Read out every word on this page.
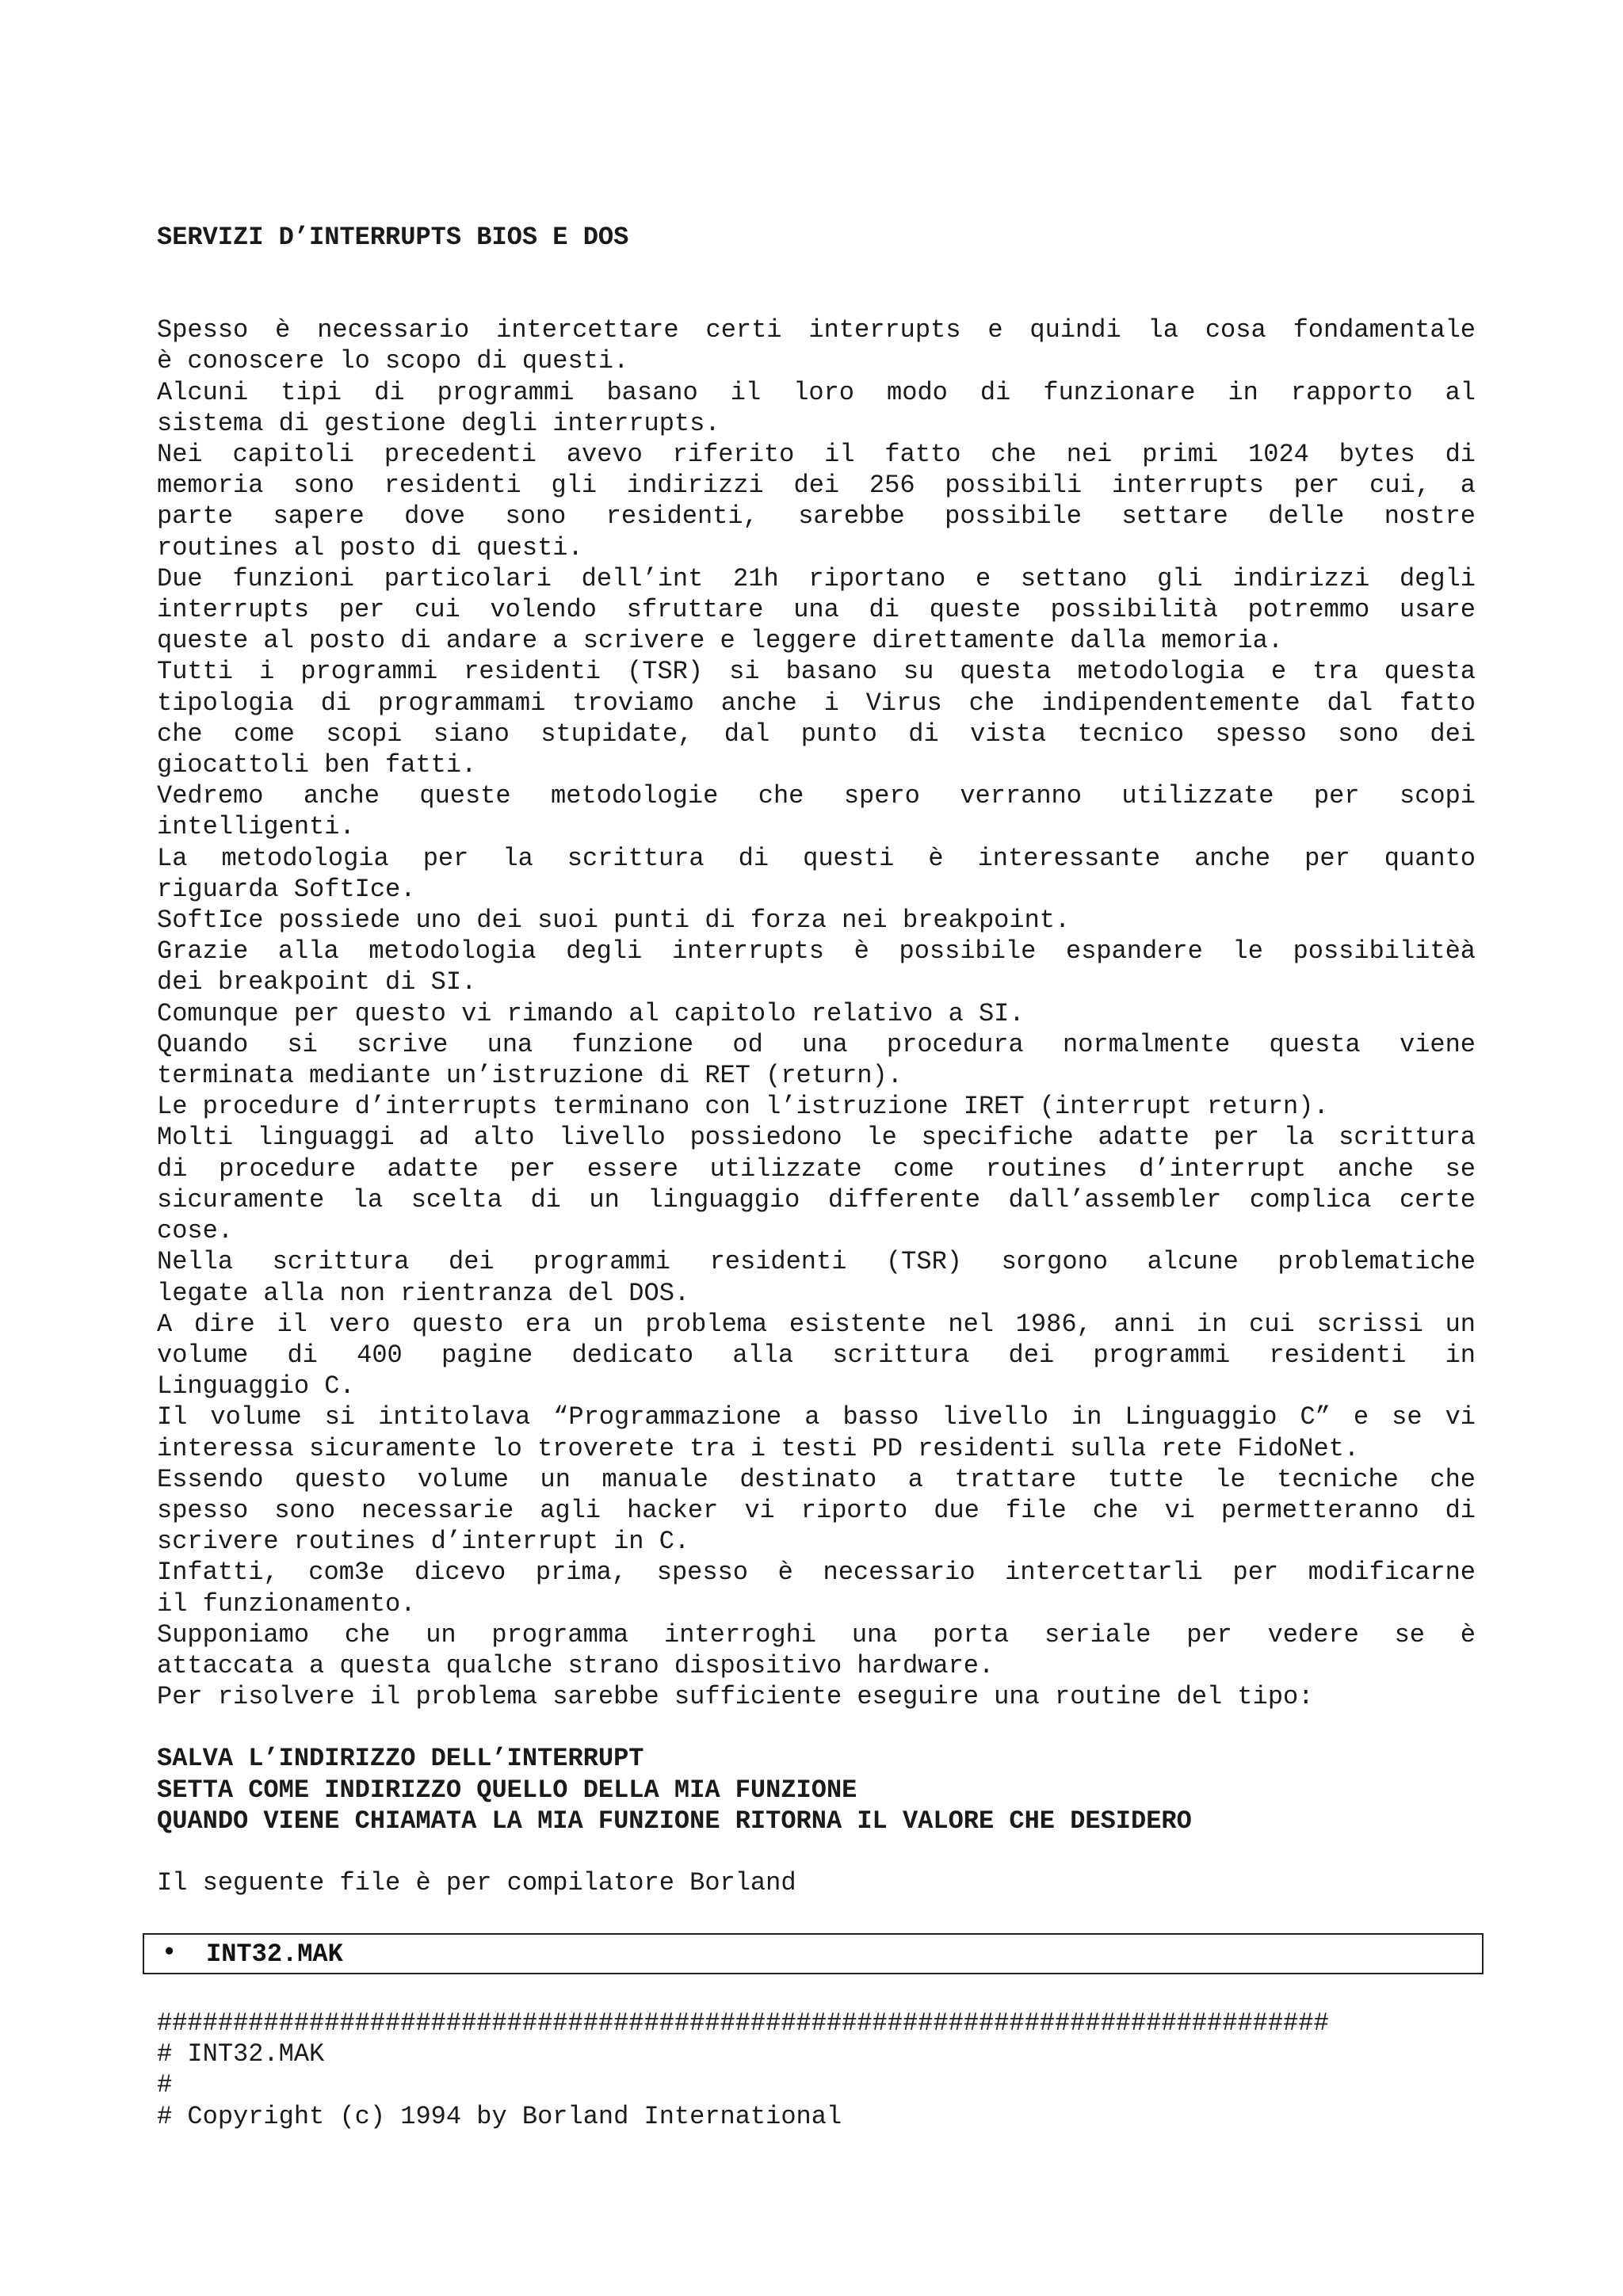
SERVIZI D’INTERRUPTS BIOS E DOS
Spesso è necessario intercettare certi interrupts e quindi la cosa fondamentale
è conoscere lo scopo di questi.
Alcuni tipi di programmi basano il loro modo di funzionare in rapporto al
sistema di gestione degli interrupts.
Nei capitoli precedenti avevo riferito il fatto che nei primi 1024 bytes di
memoria sono residenti gli indirizzi dei 256 possibili interrupts per cui, a
parte sapere dove sono residenti, sarebbe possibile settare delle nostre
routines al posto di questi.
Due funzioni particolari dell’int 21h riportano e settano gli indirizzi degli
interrupts per cui volendo sfruttare una di queste possibilità potremmo usare
queste al posto di andare a scrivere e leggere direttamente dalla memoria.
Tutti i programmi residenti (TSR) si basano su questa metodologia e tra questa
tipologia di programmami troviamo anche i Virus che indipendentemente dal fatto
che come scopi siano stupidate, dal punto di vista tecnico spesso sono dei
giocattoli ben fatti.
Vedremo anche queste metodologie che spero verranno utilizzate per scopi
intelligenti.
La metodologia per la scrittura di questi è interessante anche per quanto
riguarda SoftIce.
SoftIce possiede uno dei suoi punti di forza nei breakpoint.
Grazie alla metodologia degli interrupts è possibile espandere le possibilitèà
dei breakpoint di SI.
Comunque per questo vi rimando al capitolo relativo a SI.
Quando si scrive una funzione od una procedura normalmente questa viene
terminata mediante un’istruzione di RET (return).
Le procedure d’interrupts terminano con l’istruzione IRET (interrupt return).
Molti linguaggi ad alto livello possiedono le specifiche adatte per la scrittura
di procedure adatte per essere utilizzate come routines d’interrupt anche se
sicuramente la scelta di un linguaggio differente dall’assembler complica certe
cose.
Nella scrittura dei programmi residenti (TSR) sorgono alcune problematiche
legate alla non rientranza del DOS.
A dire il vero questo era un problema esistente nel 1986, anni in cui scrissi un
volume di 400 pagine dedicato alla scrittura dei programmi residenti in
Linguaggio C.
Il volume si intitolava “Programmazione a basso livello in Linguaggio C” e se vi
interessa sicuramente lo troverete tra i testi PD residenti sulla rete FidoNet.
Essendo questo volume un manuale destinato a trattare tutte le tecniche che
spesso sono necessarie agli hacker vi riporto due file che vi permetteranno di
scrivere routines d’interrupt in C.
Infatti, com3e dicevo prima, spesso è necessario intercettarli per modificarne
il funzionamento.
Supponiamo che un programma interroghi una porta seriale per vedere se è
attaccata a questa qualche strano dispositivo hardware.
Per risolvere il problema sarebbe sufficiente eseguire una routine del tipo:
SALVA L’INDIRIZZO DELL’INTERRUPT
SETTA COME INDIRIZZO QUELLO DELLA MIA FUNZIONE
QUANDO VIENE CHIAMATA LA MIA FUNZIONE RITORNA IL VALORE CHE DESIDERO
Il seguente file è per compilatore Borland
• INT32.MAK
#############################################################################
# INT32.MAK
#
# Copyright (c) 1994 by Borland International
